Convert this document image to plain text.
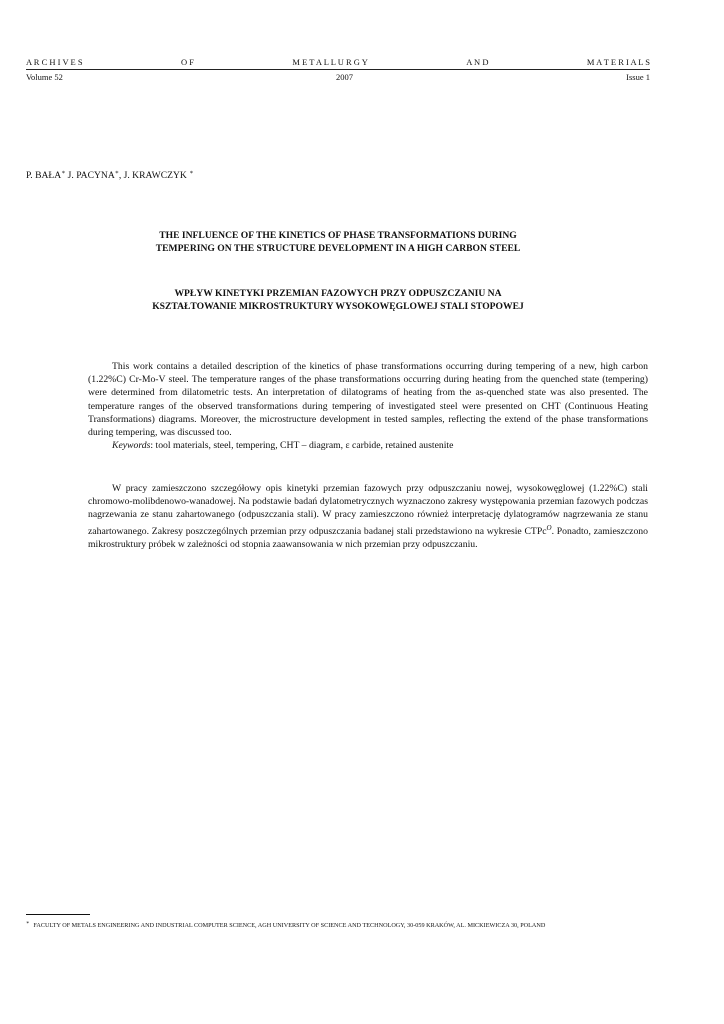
A R C H I V E S	O F	M E T A L L U R G Y	A N D	M A T E R I A L S
Volume 52	2007	Issue 1
P. BAŁA∗ J. PACYNA∗, J. KRAWCZYK ∗
THE INFLUENCE OF THE KINETICS OF PHASE TRANSFORMATIONS DURING
TEMPERING ON THE STRUCTURE DEVELOPMENT IN A HIGH CARBON STEEL
WPŁYW KINETYKI PRZEMIAN FAZOWYCH PRZY ODPUSZCZANIU NA
KSZTAŁTOWANIE MIKROSTRUKTURY WYSOKOWĘGLOWEJ STALI STOPOWEJ

This work contains a detailed description of the kinetics of phase transformations occurring during tempering of a new, high carbon (1.22%C) Cr-Mo-V steel. The temperature ranges of the phase transformations occurring during heating from the quenched state (tempering) were determined from dilatometric tests. An interpretation of dilatograms of heating from the as-quenched state was also presented. The temperature ranges of the observed transformations during tempering of investigated steel were presented on CHT (Continuous Heating Transformations) diagrams. Moreover, the microstructure development in tested samples, reflecting the extend of the phase transformations during tempering, was discussed too.

Keywords: tool materials, steel, tempering, CHT – diagram, ε carbide, retained austenite

W pracy zamieszczono szczegółowy opis kinetyki przemian fazowych przy odpuszczaniu nowej, wysokowęglowej (1.22%C) stali chromowo-molibdenowo-wanadowej. Na podstawie badań dylatometrycznych wyznaczono zakresy występowania przemian fazowych podczas nagrzewania ze stanu zahartowanego (odpuszczania stali). W pracy zamieszczono również interpretację dylatogramów nagrzewania ze stanu zahartowanego. Zakresy poszczególnych przemian przy odpuszczania badanej stali przedstawiono na wykresie CTPc$^O$. Ponadto, zamieszczono mikrostruktury próbek w zależności od stopnia zaawansowania w nich przemian przy odpuszczaniu.

∗ FACULTY OF METALS ENGINEERING AND INDUSTRIAL COMPUTER SCIENCE, AGH UNIVERSITY OF SCIENCE AND TECHNOLOGY, 30-059 KRAKÓW, AL. MICKIEWICZA 30, POLAND
